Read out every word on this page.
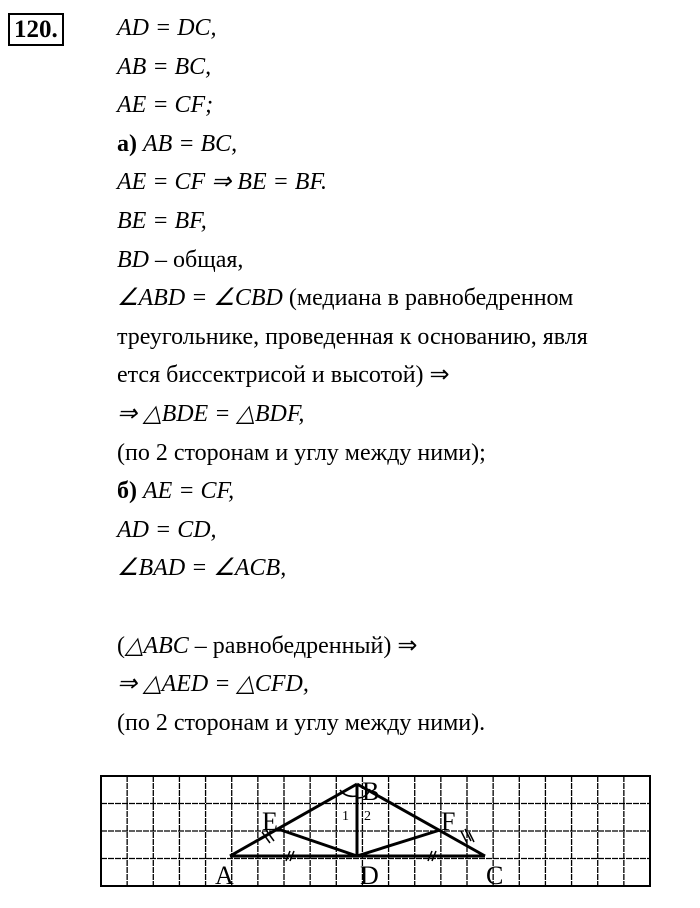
120. AD = DC,
AB = BC,
AE = CF;
а) AB = BC,
AE = CF ⇒ BE = BF.
BE = BF,
BD – общая,
∠ABD = ∠CBD (медиана в равнобедренном
треугольнике, проведенная к основанию, явля
ется биссектрисой и высотой) ⇒
⇒ △BDE = △BDF,
(по 2 сторонам и углу между ними);
б) AE = CF,
AD = CD,
∠BAD = ∠ACB,
(△ABC – равнобедренный) ⇒
⇒ △AED = △CFD,
(по 2 сторонам и углу между ними).
A
B
C
D
E	F
1 2
